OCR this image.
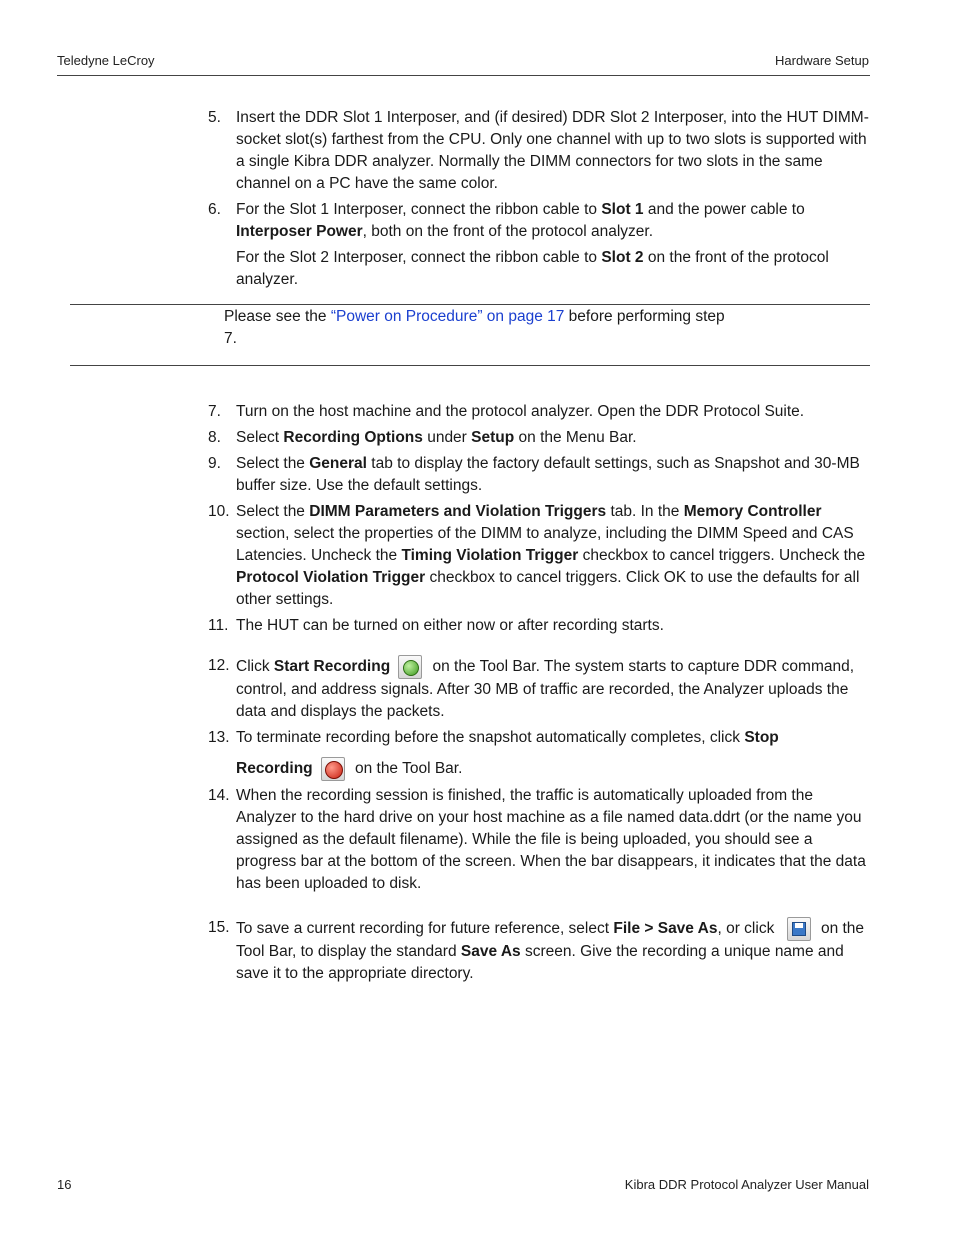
Teledyne LeCroy	Hardware Setup
5. Insert the DDR Slot 1 Interposer, and (if desired) DDR Slot 2 Interposer, into the HUT DIMM-socket slot(s) farthest from the CPU. Only one channel with up to two slots is supported with a single Kibra DDR analyzer. Normally the DIMM connectors for two slots in the same channel on a PC have the same color.
6. For the Slot 1 Interposer, connect the ribbon cable to Slot 1 and the power cable to Interposer Power, both on the front of the protocol analyzer.
For the Slot 2 Interposer, connect the ribbon cable to Slot 2 on the front of the protocol analyzer.
Please see the “Power on Procedure” on page 17 before performing step
7.
7. Turn on the host machine and the protocol analyzer. Open the DDR Protocol Suite.
8. Select Recording Options under Setup on the Menu Bar.
9. Select the General tab to display the factory default settings, such as Snapshot and 30-MB buffer size. Use the default settings.
10. Select the DIMM Parameters and Violation Triggers tab. In the Memory Controller section, select the properties of the DIMM to analyze, including the DIMM Speed and CAS Latencies. Uncheck the Timing Violation Trigger checkbox to cancel triggers. Uncheck the Protocol Violation Trigger checkbox to cancel triggers. Click OK to use the defaults for all other settings.
11. The HUT can be turned on either now or after recording starts.
12. Click Start Recording on the Tool Bar. The system starts to capture DDR command, control, and address signals. After 30 MB of traffic are recorded, the Analyzer uploads the data and displays the packets.
13. To terminate recording before the snapshot automatically completes, click Stop
Recording on the Tool Bar.
14. When the recording session is finished, the traffic is automatically uploaded from the Analyzer to the hard drive on your host machine as a file named data.ddrt (or the name you assigned as the default filename). While the file is being uploaded, you should see a progress bar at the bottom of the screen. When the bar disappears, it indicates that the data has been uploaded to disk.
15. To save a current recording for future reference, select File > Save As, or click  on the Tool Bar, to display the standard Save As screen. Give the recording a unique name and save it to the appropriate directory.
16	Kibra DDR Protocol Analyzer User Manual
